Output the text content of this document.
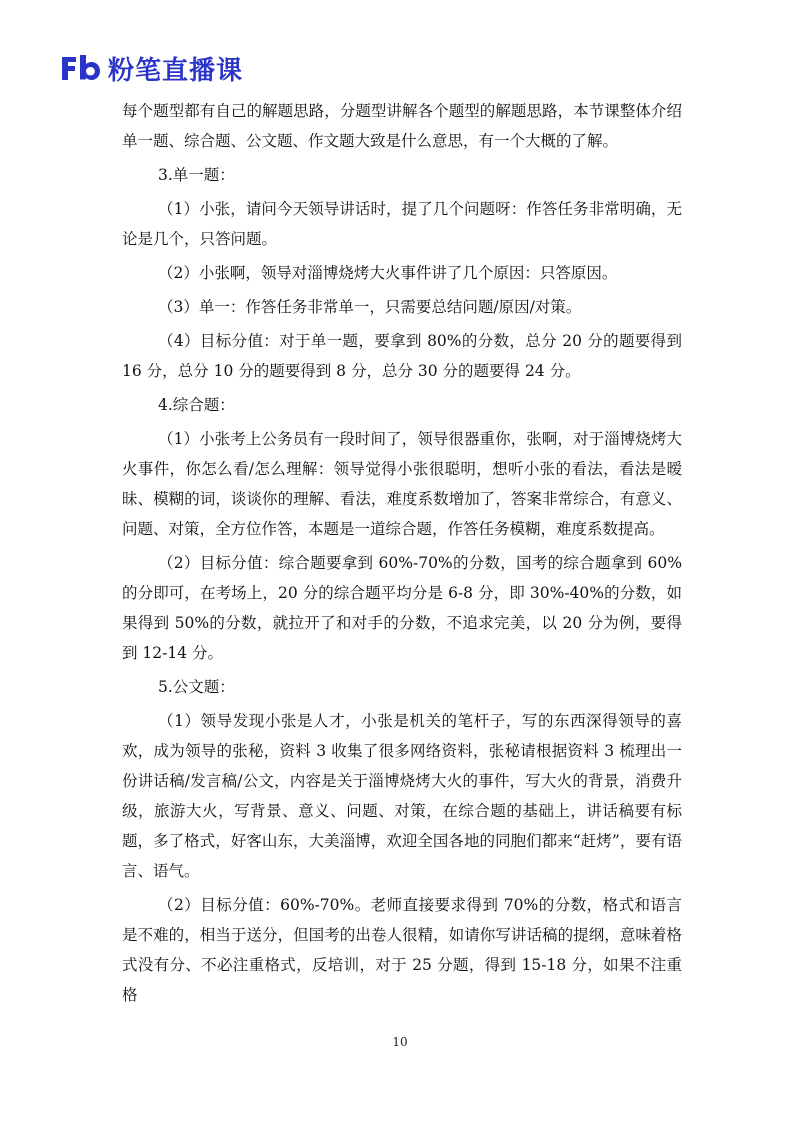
粉笔直播课

每个题型都有自己的解题思路，分题型讲解各个题型的解题思路，本节课整体介绍单一题、综合题、公文题、作文题大致是什么意思，有一个大概的了解。

3.单一题：

（1）小张，请问今天领导讲话时，提了几个问题呀：作答任务非常明确，无论是几个，只答问题。

（2）小张啊，领导对淄博烧烤大火事件讲了几个原因：只答原因。

（3）单一：作答任务非常单一，只需要总结问题/原因/对策。

（4）目标分值：对于单一题，要拿到 80%的分数，总分 20 分的题要得到 16 分，总分 10 分的题要得到 8 分，总分 30 分的题要得 24 分。

4.综合题：

（1）小张考上公务员有一段时间了，领导很器重你，张啊，对于淄博烧烤大火事件，你怎么看/怎么理解：领导觉得小张很聪明，想听小张的看法，看法是暧昧、模糊的词，谈谈你的理解、看法，难度系数增加了，答案非常综合，有意义、问题、对策，全方位作答，本题是一道综合题，作答任务模糊，难度系数提高。

（2）目标分值：综合题要拿到 60%-70%的分数，国考的综合题拿到 60%的分即可，在考场上，20 分的综合题平均分是 6-8 分，即 30%-40%的分数，如果得到 50%的分数，就拉开了和对手的分数，不追求完美，以 20 分为例，要得到 12-14 分。

5.公文题：

（1）领导发现小张是人才，小张是机关的笔杆子，写的东西深得领导的喜欢，成为领导的张秘，资料 3 收集了很多网络资料，张秘请根据资料 3 梳理出一份讲话稿/发言稿/公文，内容是关于淄博烧烤大火的事件，写大火的背景，消费升级，旅游大火，写背景、意义、问题、对策，在综合题的基础上，讲话稿要有标题，多了格式，好客山东，大美淄博，欢迎全国各地的同胞们都来“赶烤”，要有语言、语气。

（2）目标分值：60%-70%。老师直接要求得到 70%的分数，格式和语言是不难的，相当于送分，但国考的出卷人很精，如请你写讲话稿的提纲，意味着格式没有分、不必注重格式，反培训，对于 25 分题，得到 15-18 分，如果不注重格

10
